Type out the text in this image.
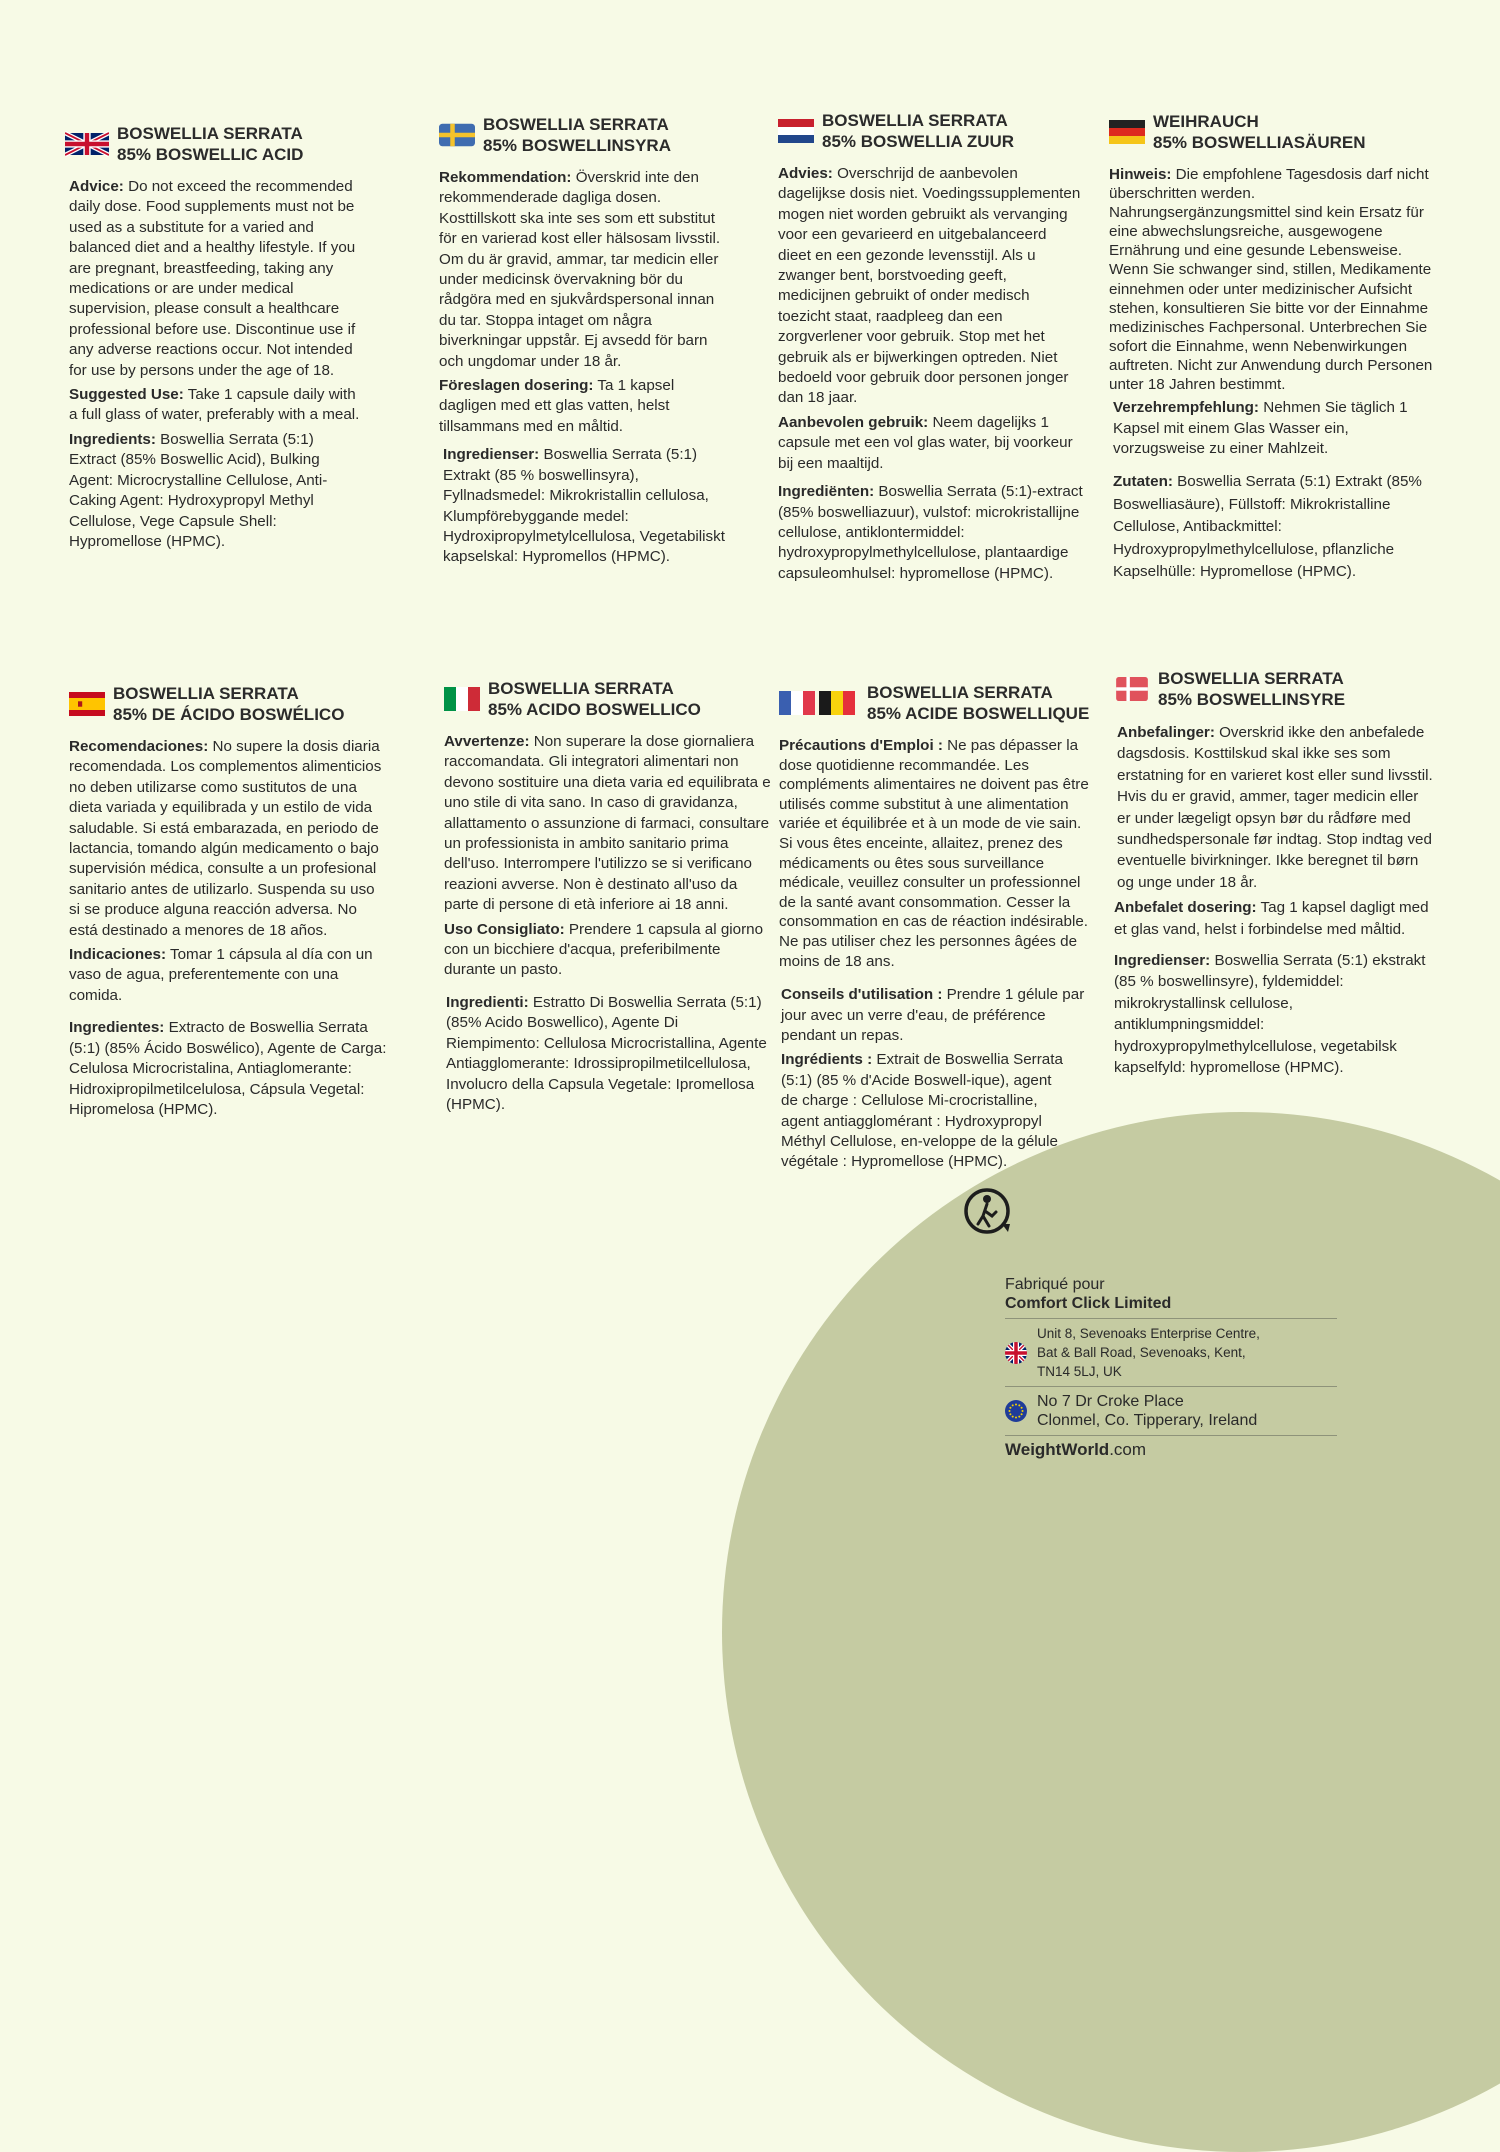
BOSWELLIA SERRATA
85% BOSWELLIC ACID

Advice: Do not exceed the recommended daily dose. Food supplements must not be used as a substitute for a varied and balanced diet and a healthy lifestyle. If you are pregnant, breastfeeding, taking any medications or are under medical supervision, please consult a healthcare professional before use. Discontinue use if any adverse reactions occur. Not intended for use by persons under the age of 18.

Suggested Use: Take 1 capsule daily with a full glass of water, preferably with a meal.

Ingredients: Boswellia Serrata (5:1) Extract (85% Boswellic Acid), Bulking Agent: Microcrystalline Cellulose, Anti-Caking Agent: Hydroxypropyl Methyl Cellulose, Vege Capsule Shell: Hypromellose (HPMC).

BOSWELLIA SERRATA
85% BOSWELLINSYRA

Rekommendation: Överskrid inte den rekommenderade dagliga dosen. Kosttillskott ska inte ses som ett substitut för en varierad kost eller hälsosam livsstil. Om du är gravid, ammar, tar medicin eller under medicinsk övervakning bör du rådgöra med en sjukvårdspersonal innan du tar. Stoppa intaget om några biverkningar uppstår. Ej avsedd för barn och ungdomar under 18 år.

Föreslagen dosering: Ta 1 kapsel dagligen med ett glas vatten, helst tillsammans med en måltid.

Ingredienser: Boswellia Serrata (5:1) Extrakt (85 % boswellinsyra), Fyllnadsmedel: Mikrokristallin cellulosa, Klumpförebyggande medel: Hydroxipropylmetylcellulosa, Vegetabiliskt kapselskal: Hypromellos (HPMC).

BOSWELLIA SERRATA
85% BOSWELLIA ZUUR

Advies: Overschrijd de aanbevolen dagelijkse dosis niet. Voedingssupplementen mogen niet worden gebruikt als vervanging voor een gevarieerd en uitgebalanceerd dieet en een gezonde levensstijl. Als u zwanger bent, borstvoeding geeft, medicijnen gebruikt of onder medisch toezicht staat, raadpleeg dan een zorgverlener voor gebruik. Stop met het gebruik als er bijwerkingen optreden. Niet bedoeld voor gebruik door personen jonger dan 18 jaar.

Aanbevolen gebruik: Neem dagelijks 1 capsule met een vol glas water, bij voorkeur bij een maaltijd.

Ingrediënten: Boswellia Serrata (5:1)-extract (85% boswelliazuur), vulstof: microkristallijne cellulose, antiklontermiddel: hydroxypropylmethylcellulose, plantaardige capsuleomhulsel: hypromellose (HPMC).

WEIHRAUCH
85% BOSWELLIASÄUREN

Hinweis: Die empfohlene Tagesdosis darf nicht überschritten werden. Nahrungsergänzungsmittel sind kein Ersatz für eine abwechslungsreiche, ausgewogene Ernährung und eine gesunde Lebensweise. Wenn Sie schwanger sind, stillen, Medikamente einnehmen oder unter medizinischer Aufsicht stehen, konsultieren Sie bitte vor der Einnahme medizinisches Fachpersonal. Unterbrechen Sie sofort die Einnahme, wenn Nebenwirkungen auftreten. Nicht zur Anwendung durch Personen unter 18 Jahren bestimmt.

Verzehrempfehlung: Nehmen Sie täglich 1 Kapsel mit einem Glas Wasser ein, vorzugsweise zu einer Mahlzeit.

Zutaten: Boswellia Serrata (5:1) Extrakt (85% Boswelliasäure), Füllstoff: Mikrokristalline Cellulose, Antibackmittel: Hydroxypropylmethylcellulose, pflanzliche Kapselhülle: Hypromellose (HPMC).

BOSWELLIA SERRATA
85% DE ÁCIDO BOSWÉLICO

Recomendaciones: No supere la dosis diaria recomendada. Los complementos alimenticios no deben utilizarse como sustitutos de una dieta variada y equilibrada y un estilo de vida saludable. Si está embarazada, en periodo de lactancia, tomando algún medicamento o bajo supervisión médica, consulte a un profesional sanitario antes de utilizarlo. Suspenda su uso si se produce alguna reacción adversa. No está destinado a menores de 18 años.

Indicaciones: Tomar 1 cápsula al día con un vaso de agua, preferentemente con una comida.

Ingredientes: Extracto de Boswellia Serrata (5:1) (85% Ácido Boswélico), Agente de Carga: Celulosa Microcristalina, Antiaglomerante: Hidroxipropilmetilcelulosa, Cápsula Vegetal: Hipromelosa (HPMC).

BOSWELLIA SERRATA
85% ACIDO BOSWELLICO

Avvertenze: Non superare la dose giornaliera raccomandata. Gli integratori alimentari non devono sostituire una dieta varia ed equilibrata e uno stile di vita sano. In caso di gravidanza, allattamento o assunzione di farmaci, consultare un professionista in ambito sanitario prima dell'uso. Interrompere l'utilizzo se si verificano reazioni avverse. Non è destinato all'uso da parte di persone di età inferiore ai 18 anni.

Uso Consigliato: Prendere 1 capsula al giorno con un bicchiere d'acqua, preferibilmente durante un pasto.

Ingredienti: Estratto Di Boswellia Serrata (5:1) (85% Acido Boswellico), Agente Di Riempimento: Cellulosa Microcristallina, Agente Antiagglomerante: Idrossipropilmetilcellulosa, Involucro della Capsula Vegetale: Ipromellosa (HPMC).

BOSWELLIA SERRATA
85% ACIDE BOSWELLIQUE

Précautions d'Emploi : Ne pas dépasser la dose quotidienne recommandée. Les compléments alimentaires ne doivent pas être utilisés comme substitut à une alimentation variée et équilibrée et à un mode de vie sain. Si vous êtes enceinte, allaitez, prenez des médicaments ou êtes sous surveillance médicale, veuillez consulter un professionnel de la santé avant consommation. Cesser la consommation en cas de réaction indésirable. Ne pas utiliser chez les personnes âgées de moins de 18 ans.

Conseils d'utilisation : Prendre 1 gélule par jour avec un verre d'eau, de préférence pendant un repas.

Ingrédients : Extrait de Boswellia Serrata (5:1) (85 % d'Acide Boswell-ique), agent de charge : Cellulose Mi-crocristalline, agent antiagglomérant : Hydroxypropyl Méthyl Cellulose, en-veloppe de la gélule végétale : Hypromellose (HPMC).

BOSWELLIA SERRATA
85% BOSWELLINSYRE

Anbefalinger: Overskrid ikke den anbefalede dagsdosis. Kosttilskud skal ikke ses som erstatning for en varieret kost eller sund livsstil. Hvis du er gravid, ammer, tager medicin eller er under lægeligt opsyn bør du rådføre med sundhedspersonale før indtag. Stop indtag ved eventuelle bivirkninger. Ikke beregnet til børn og unge under 18 år.

Anbefalet dosering: Tag 1 kapsel dagligt med et glas vand, helst i forbindelse med måltid.

Ingredienser: Boswellia Serrata (5:1) ekstrakt (85 % boswellinsyre), fyldemiddel: mikrokrystallinsk cellulose, antiklumpningsmiddel: hydroxypropylmethylcellulose, vegetabilsk kapselfyld: hypromellose (HPMC).

Fabriqué pour
Comfort Click Limited
Unit 8, Sevenoaks Enterprise Centre,
Bat & Ball Road, Sevenoaks, Kent,
TN14 5LJ, UK
No 7 Dr Croke Place
Clonmel, Co. Tipperary, Ireland
WeightWorld.com
